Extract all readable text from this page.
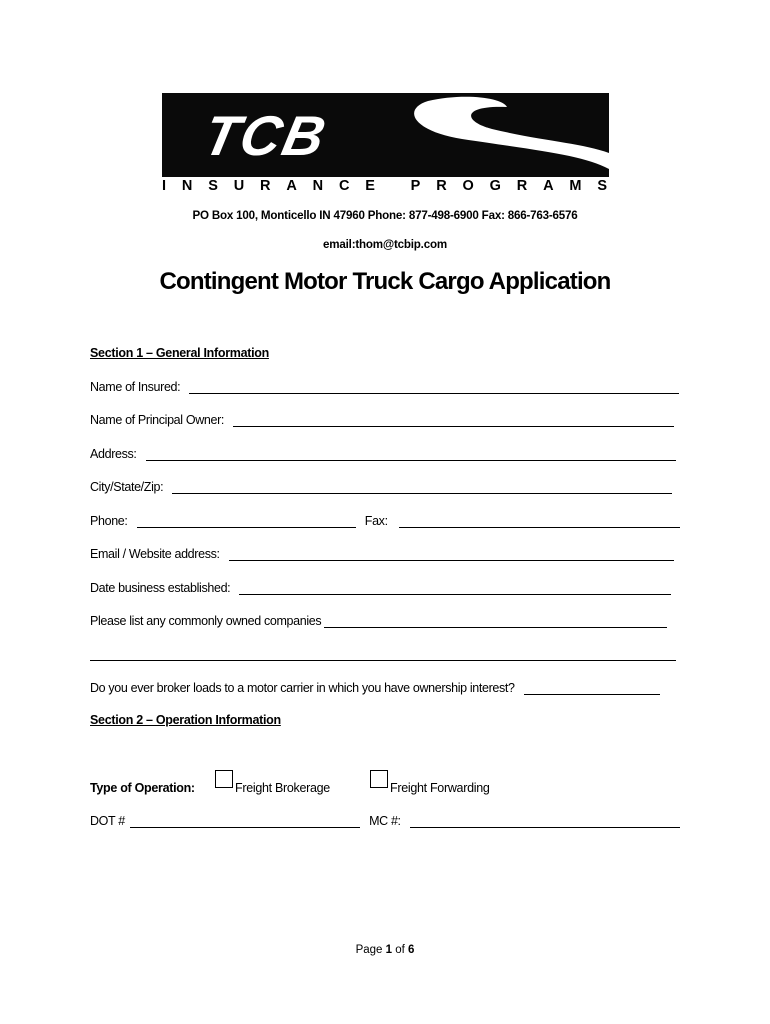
TCB
INSURANCE PROGRAMS
PO Box 100, Monticello IN 47960 Phone: 877-498-6900 Fax: 866-763-6576
email:thom@tcbip.com
Contingent Motor Truck Cargo Application
Section 1 – General Information
Name of Insured:
Name of Principal Owner:
Address:
City/State/Zip:
Phone:	Fax:
Email / Website address:
Date business established:
Please list any commonly owned companies
Do you ever broker loads to a motor carrier in which you have ownership interest?
Section 2 – Operation Information
Type of Operation:	Freight Brokerage	Freight Forwarding
DOT #	MC #:
Page 1 of 6
